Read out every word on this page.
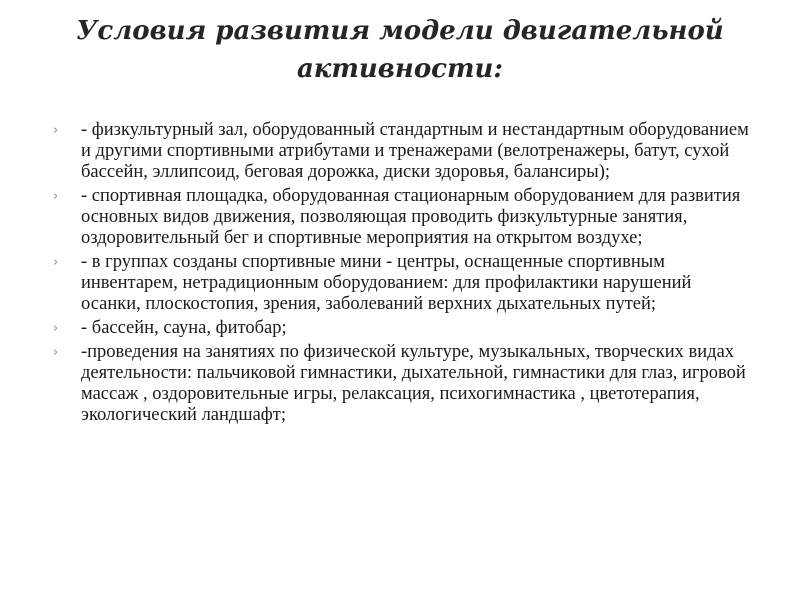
Условия развития модели двигательной
активности:
› - физкультурный зал, оборудованный стандартным и нестандартным оборудованием и другими спортивными атрибутами и тренажерами (велотренажеры, батут, сухой бассейн, эллипсоид, беговая дорожка, диски здоровья, балансиры);
› - спортивная площадка, оборудованная стационарным оборудованием для развития основных видов движения, позволяющая проводить физкультурные занятия, оздоровительный бег и спортивные мероприятия на открытом воздухе;
› - в группах созданы спортивные мини - центры, оснащенные спортивным инвентарем, нетрадиционным оборудованием: для профилактики нарушений осанки, плоскостопия, зрения, заболеваний верхних дыхательных путей;
› - бассейн, сауна, фитобар;
› -проведения на занятиях по физической культуре, музыкальных, творческих видах деятельности: пальчиковой гимнастики, дыхательной, гимнастики для глаз, игровой массаж , оздоровительные игры, релаксация, психогимнастика , цветотерапия, экологический ландшафт;
